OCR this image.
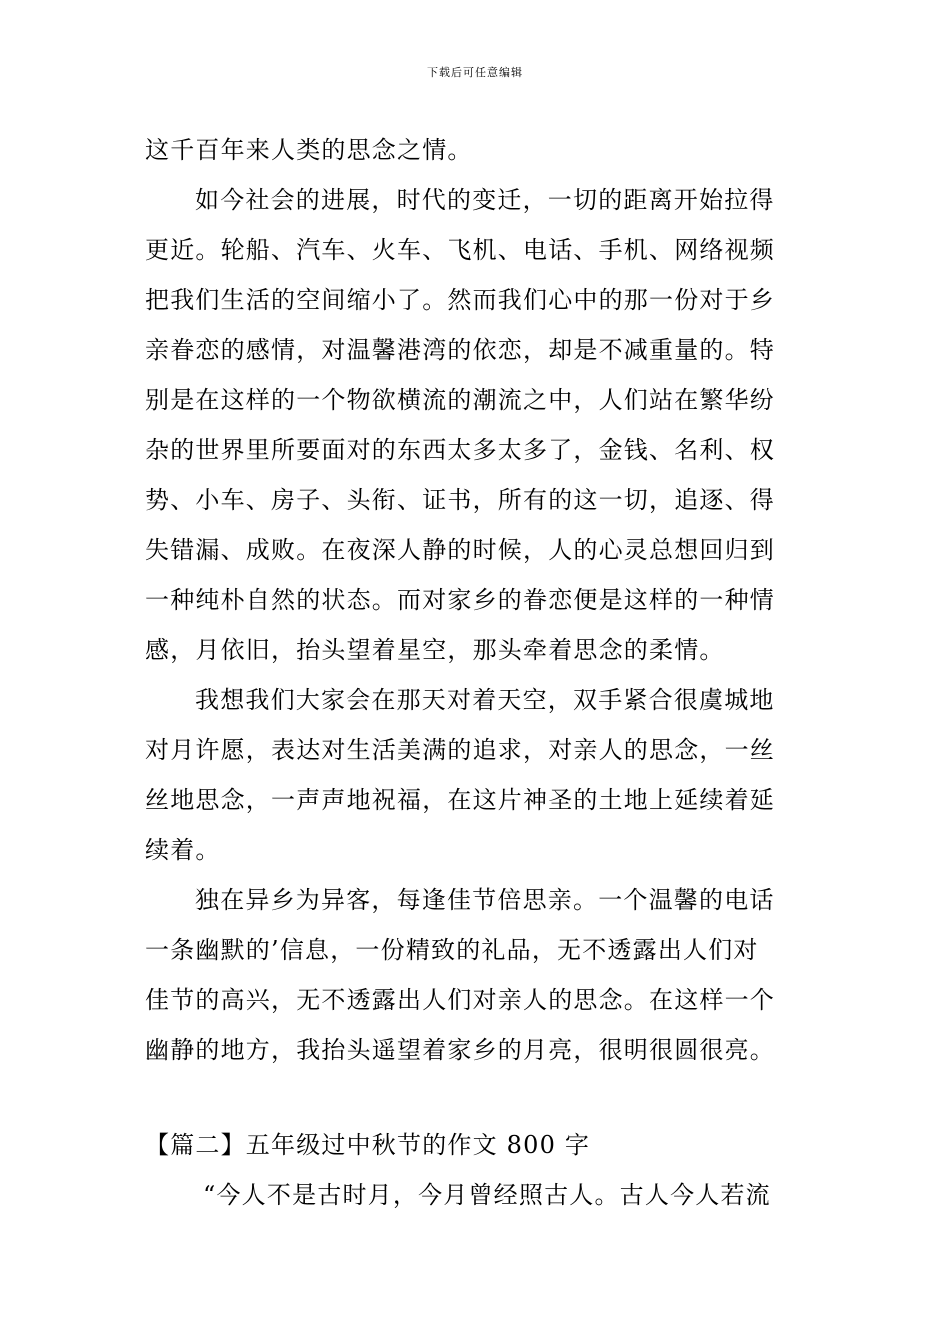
下载后可任意编辑
这千百年来人类的思念之情。
如今社会的进展，时代的变迁，一切的距离开始拉得
更近。轮船、汽车、火车、飞机、电话、手机、网络视频
把我们生活的空间缩小了。然而我们心中的那一份对于乡
亲眷恋的感情，对温馨港湾的依恋，却是不减重量的。特
别是在这样的一个物欲横流的潮流之中，人们站在繁华纷
杂的世界里所要面对的东西太多太多了，金钱、名利、权
势、小车、房子、头衔、证书，所有的这一切，追逐、得
失错漏、成败。在夜深人静的时候，人的心灵总想回归到
一种纯朴自然的状态。而对家乡的眷恋便是这样的一种情
感，月依旧，抬头望着星空，那头牵着思念的柔情。
我想我们大家会在那天对着天空，双手紧合很虞城地
对月许愿，表达对生活美满的追求，对亲人的思念，一丝
丝地思念，一声声地祝福，在这片神圣的土地上延续着延
续着。
独在异乡为异客，每逢佳节倍思亲。一个温馨的电话
一条幽默的’信息，一份精致的礼品，无不透露出人们对
佳节的高兴，无不透露出人们对亲人的思念。在这样一个
幽静的地方，我抬头遥望着家乡的月亮，很明很圆很亮。
【篇二】五年级过中秋节的作文 800 字
“今人不是古时月，今月曾经照古人。古人今人若流
